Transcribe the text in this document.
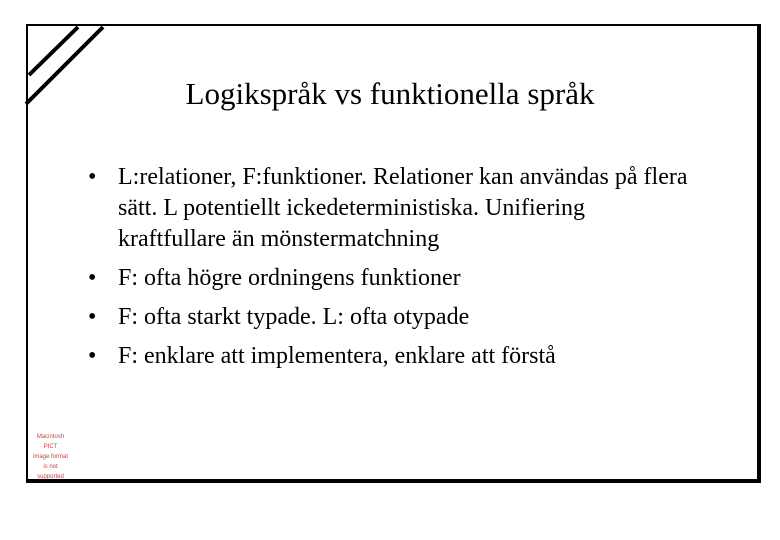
Logikspråk vs funktionella språk
• L:relationer, F:funktioner. Relationer kan användas på flera sätt. L potentiellt ickedeterministiska. Unifiering kraftfullare än mönstermatchning
• F: ofta högre ordningens funktioner
• F: ofta starkt typade. L: ofta otypade
• F: enklare att implementera, enklare att förstå
Macintosh PICT
image format
is not supported
